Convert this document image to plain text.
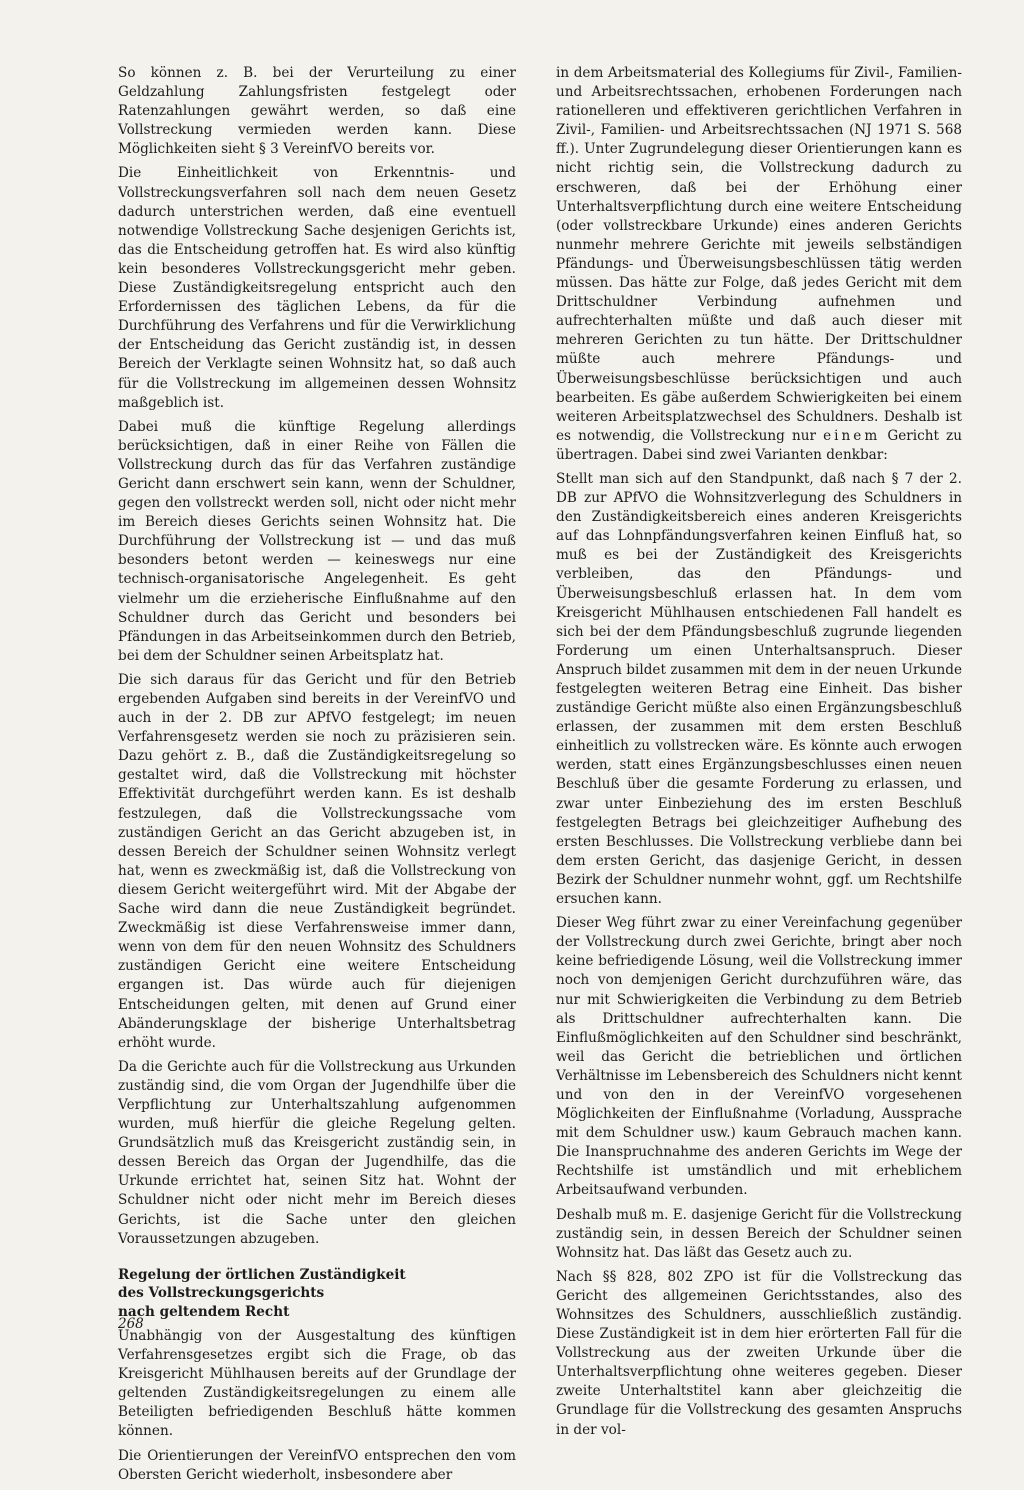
So können z. B. bei der Verurteilung zu einer Geldzahlung Zahlungsfristen festgelegt oder Ratenzahlungen gewährt werden, so daß eine Vollstreckung vermieden werden kann. Diese Möglichkeiten sieht § 3 VereinfVO bereits vor.

Die Einheitlichkeit von Erkenntnis- und Vollstreckungsverfahren soll nach dem neuen Gesetz dadurch unterstrichen werden, daß eine eventuell notwendige Vollstreckung Sache desjenigen Gerichts ist, das die Entscheidung getroffen hat. Es wird also künftig kein besonderes Vollstreckungsgericht mehr geben. Diese Zuständigkeitsregelung entspricht auch den Erfordernissen des täglichen Lebens, da für die Durchführung des Verfahrens und für die Verwirklichung der Entscheidung das Gericht zuständig ist, in dessen Bereich der Verklagte seinen Wohnsitz hat, so daß auch für die Vollstreckung im allgemeinen dessen Wohnsitz maßgeblich ist.

Dabei muß die künftige Regelung allerdings berücksichtigen, daß in einer Reihe von Fällen die Vollstreckung durch das für das Verfahren zuständige Gericht dann erschwert sein kann, wenn der Schuldner, gegen den vollstreckt werden soll, nicht oder nicht mehr im Bereich dieses Gerichts seinen Wohnsitz hat. Die Durchführung der Vollstreckung ist — und das muß besonders betont werden — keineswegs nur eine technisch-organisatorische Angelegenheit. Es geht vielmehr um die erzieherische Einflußnahme auf den Schuldner durch das Gericht und besonders bei Pfändungen in das Arbeitseinkommen durch den Betrieb, bei dem der Schuldner seinen Arbeitsplatz hat.

Die sich daraus für das Gericht und für den Betrieb ergebenden Aufgaben sind bereits in der VereinfVO und auch in der 2. DB zur APfVO festgelegt; im neuen Verfahrensgesetz werden sie noch zu präzisieren sein. Dazu gehört z. B., daß die Zuständigkeitsregelung so gestaltet wird, daß die Vollstreckung mit höchster Effektivität durchgeführt werden kann. Es ist deshalb festzulegen, daß die Vollstreckungssache vom zuständigen Gericht an das Gericht abzugeben ist, in dessen Bereich der Schuldner seinen Wohnsitz verlegt hat, wenn es zweckmäßig ist, daß die Vollstreckung von diesem Gericht weitergeführt wird. Mit der Abgabe der Sache wird dann die neue Zuständigkeit begründet. Zweckmäßig ist diese Verfahrensweise immer dann, wenn von dem für den neuen Wohnsitz des Schuldners zuständigen Gericht eine weitere Entscheidung ergangen ist. Das würde auch für diejenigen Entscheidungen gelten, mit denen auf Grund einer Abänderungsklage der bisherige Unterhaltsbetrag erhöht wurde.

Da die Gerichte auch für die Vollstreckung aus Urkunden zuständig sind, die vom Organ der Jugendhilfe über die Verpflichtung zur Unterhaltszahlung aufgenommen wurden, muß hierfür die gleiche Regelung gelten. Grundsätzlich muß das Kreisgericht zuständig sein, in dessen Bereich das Organ der Jugendhilfe, das die Urkunde errichtet hat, seinen Sitz hat. Wohnt der Schuldner nicht oder nicht mehr im Bereich dieses Gerichts, ist die Sache unter den gleichen Voraussetzungen abzugeben.

Regelung der örtlichen Zuständigkeit
des Vollstreckungsgerichts
nach geltendem Recht

Unabhängig von der Ausgestaltung des künftigen Verfahrensgesetzes ergibt sich die Frage, ob das Kreisgericht Mühlhausen bereits auf der Grundlage der geltenden Zuständigkeitsregelungen zu einem alle Beteiligten befriedigenden Beschluß hätte kommen können.

Die Orientierungen der VereinfVO entsprechen den vom Obersten Gericht wiederholt, insbesondere aber

in dem Arbeitsmaterial des Kollegiums für Zivil-, Familien- und Arbeitsrechtssachen, erhobenen Forderungen nach rationelleren und effektiveren gerichtlichen Verfahren in Zivil-, Familien- und Arbeitsrechtssachen (NJ 1971 S. 568 ff.). Unter Zugrundelegung dieser Orientierungen kann es nicht richtig sein, die Vollstreckung dadurch zu erschweren, daß bei der Erhöhung einer Unterhaltsverpflichtung durch eine weitere Entscheidung (oder vollstreckbare Urkunde) eines anderen Gerichts nunmehr mehrere Gerichte mit jeweils selbständigen Pfändungs- und Überweisungsbeschlüssen tätig werden müssen. Das hätte zur Folge, daß jedes Gericht mit dem Drittschuldner Verbindung aufnehmen und aufrechterhalten müßte und daß auch dieser mit mehreren Gerichten zu tun hätte. Der Drittschuldner müßte auch mehrere Pfändungs- und Überweisungsbeschlüsse berücksichtigen und auch bearbeiten. Es gäbe außerdem Schwierigkeiten bei einem weiteren Arbeitsplatzwechsel des Schuldners. Deshalb ist es notwendig, die Vollstreckung nur einem Gericht zu übertragen. Dabei sind zwei Varianten denkbar:

Stellt man sich auf den Standpunkt, daß nach § 7 der 2. DB zur APfVO die Wohnsitzverlegung des Schuldners in den Zuständigkeitsbereich eines anderen Kreisgerichts auf das Lohnpfändungsverfahren keinen Einfluß hat, so muß es bei der Zuständigkeit des Kreisgerichts verbleiben, das den Pfändungs- und Überweisungsbeschluß erlassen hat. In dem vom Kreisgericht Mühlhausen entschiedenen Fall handelt es sich bei der dem Pfändungsbeschluß zugrunde liegenden Forderung um einen Unterhaltsanspruch. Dieser Anspruch bildet zusammen mit dem in der neuen Urkunde festgelegten weiteren Betrag eine Einheit. Das bisher zuständige Gericht müßte also einen Ergänzungsbeschluß erlassen, der zusammen mit dem ersten Beschluß einheitlich zu vollstrecken wäre. Es könnte auch erwogen werden, statt eines Ergänzungsbeschlusses einen neuen Beschluß über die gesamte Forderung zu erlassen, und zwar unter Einbeziehung des im ersten Beschluß festgelegten Betrags bei gleichzeitiger Aufhebung des ersten Beschlusses. Die Vollstreckung verbliebe dann bei dem ersten Gericht, das dasjenige Gericht, in dessen Bezirk der Schuldner nunmehr wohnt, ggf. um Rechtshilfe ersuchen kann.

Dieser Weg führt zwar zu einer Vereinfachung gegenüber der Vollstreckung durch zwei Gerichte, bringt aber noch keine befriedigende Lösung, weil die Vollstreckung immer noch von demjenigen Gericht durchzuführen wäre, das nur mit Schwierigkeiten die Verbindung zu dem Betrieb als Drittschuldner aufrechterhalten kann. Die Einflußmöglichkeiten auf den Schuldner sind beschränkt, weil das Gericht die betrieblichen und örtlichen Verhältnisse im Lebensbereich des Schuldners nicht kennt und von den in der VereinfVO vorgesehenen Möglichkeiten der Einflußnahme (Vorladung, Aussprache mit dem Schuldner usw.) kaum Gebrauch machen kann. Die Inanspruchnahme des anderen Gerichts im Wege der Rechtshilfe ist umständlich und mit erheblichem Arbeitsaufwand verbunden.

Deshalb muß m. E. dasjenige Gericht für die Vollstreckung zuständig sein, in dessen Bereich der Schuldner seinen Wohnsitz hat. Das läßt das Gesetz auch zu.

Nach §§ 828, 802 ZPO ist für die Vollstreckung das Gericht des allgemeinen Gerichtsstandes, also des Wohnsitzes des Schuldners, ausschließlich zuständig. Diese Zuständigkeit ist in dem hier erörterten Fall für die Vollstreckung aus der zweiten Urkunde über die Unterhaltsverpflichtung ohne weiteres gegeben. Dieser zweite Unterhaltstitel kann aber gleichzeitig die Grundlage für die Vollstreckung des gesamten Anspruchs in der vol-

268
